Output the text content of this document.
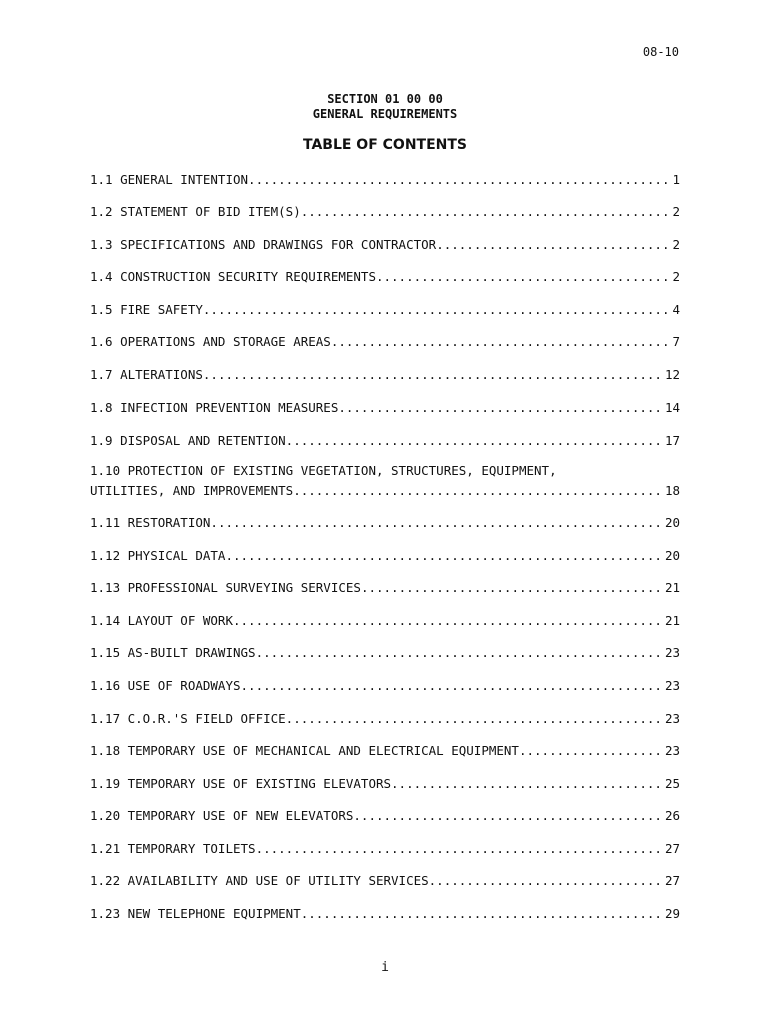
08-10
SECTION 01 00 00
GENERAL REQUIREMENTS
TABLE OF CONTENTS
1.1 GENERAL INTENTION .....	1
1.2 STATEMENT OF BID ITEM(S) .....	2
1.3 SPECIFICATIONS AND DRAWINGS FOR CONTRACTOR .....	2
1.4 CONSTRUCTION SECURITY REQUIREMENTS .....	2
1.5 FIRE SAFETY .....	4
1.6 OPERATIONS AND STORAGE AREAS .....	7
1.7 ALTERATIONS .....	12
1.8 INFECTION PREVENTION MEASURES .....	14
1.9 DISPOSAL AND RETENTION .....	17
1.10 PROTECTION OF EXISTING VEGETATION, STRUCTURES, EQUIPMENT,
UTILITIES, AND IMPROVEMENTS .....	18
1.11 RESTORATION .....	20
1.12 PHYSICAL DATA .....	20
1.13 PROFESSIONAL SURVEYING SERVICES .....	21
1.14 LAYOUT OF WORK .....	21
1.15 AS-BUILT DRAWINGS .....	23
1.16 USE OF ROADWAYS .....	23
1.17 C.O.R.'S FIELD OFFICE .....	23
1.18 TEMPORARY USE OF MECHANICAL AND ELECTRICAL EQUIPMENT .....	23
1.19 TEMPORARY USE OF EXISTING ELEVATORS .....	25
1.20 TEMPORARY USE OF NEW ELEVATORS .....	26
1.21 TEMPORARY TOILETS .....	27
1.22 AVAILABILITY AND USE OF UTILITY SERVICES .....	27
1.23 NEW TELEPHONE EQUIPMENT .....	29
i
